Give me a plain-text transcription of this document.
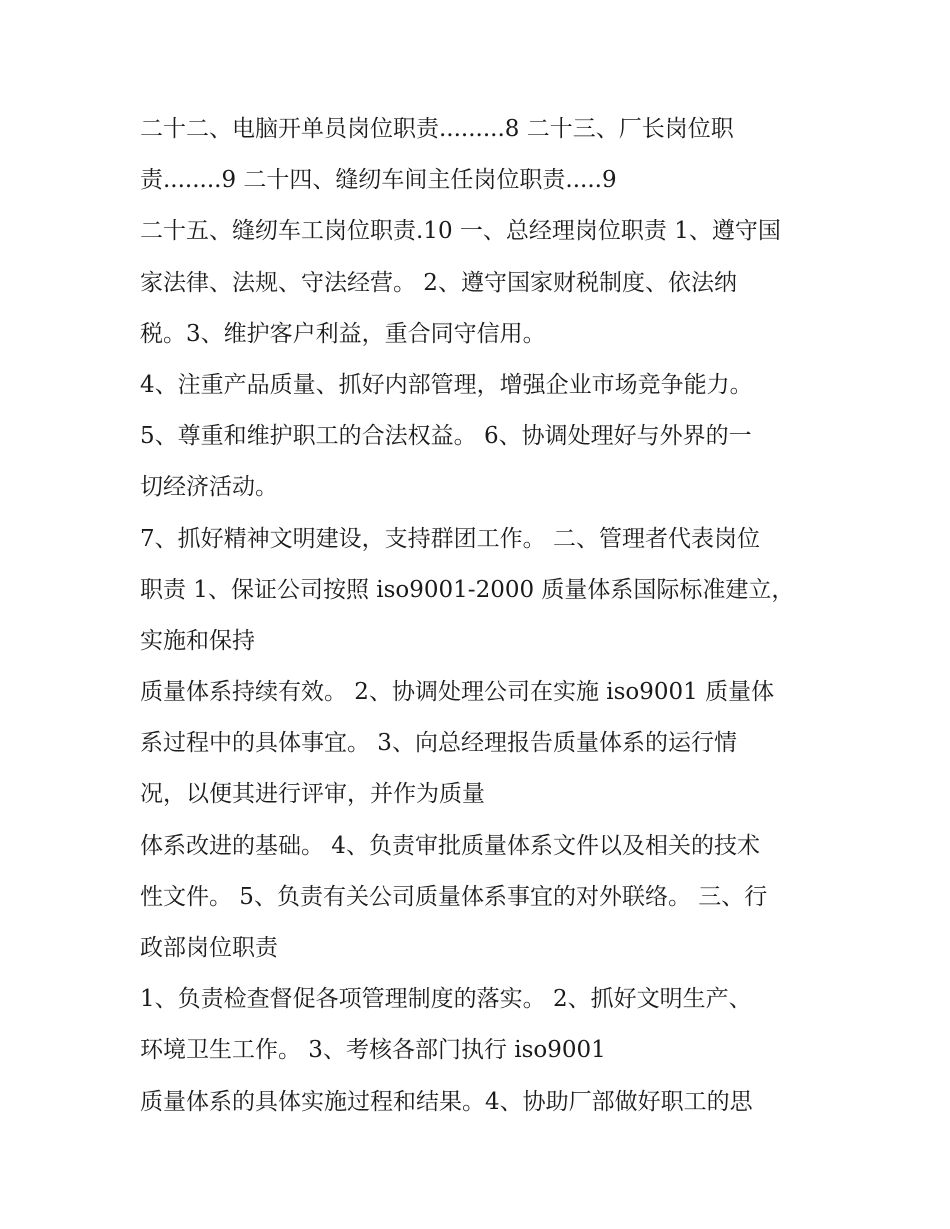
二十二、电脑开单员岗位职责.........8 二十三、厂长岗位职
责........9 二十四、缝纫车间主任岗位职责.....9
二十五、缝纫车工岗位职责.10 一、总经理岗位职责 1、遵守国
家法律、法规、守法经营。 2、遵守国家财税制度、依法纳
税。3、维护客户利益，重合同守信用。
4、注重产品质量、抓好内部管理，增强企业市场竞争能力。
5、尊重和维护职工的合法权益。 6、协调处理好与外界的一
切经济活动。
7、抓好精神文明建设，支持群团工作。 二、管理者代表岗位
职责 1、保证公司按照 iso9001-2000 质量体系国际标准建立，
实施和保持
质量体系持续有效。 2、协调处理公司在实施 iso9001 质量体
系过程中的具体事宜。 3、向总经理报告质量体系的运行情
况，以便其进行评审，并作为质量
体系改进的基础。 4、负责审批质量体系文件以及相关的技术
性文件。 5、负责有关公司质量体系事宜的对外联络。 三、行
政部岗位职责
1、负责检查督促各项管理制度的落实。 2、抓好文明生产、
环境卫生工作。 3、考核各部门执行 iso9001
质量体系的具体实施过程和结果。4、协助厂部做好职工的思
